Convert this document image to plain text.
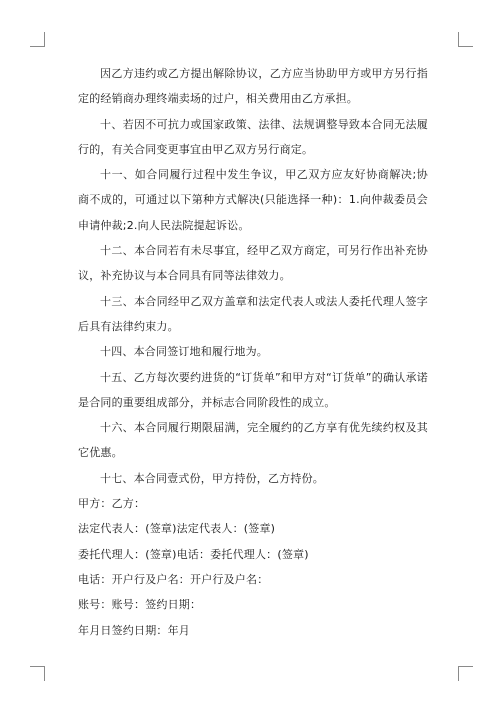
因乙方违约或乙方提出解除协议，乙方应当协助甲方或甲方另行指定的经销商办理终端卖场的过户，相关费用由乙方承担。

十、若因不可抗力或国家政策、法律、法规调整导致本合同无法履行的，有关合同变更事宜由甲乙双方另行商定。

十一、如合同履行过程中发生争议，甲乙双方应友好协商解决;协商不成的，可通过以下第种方式解决(只能选择一种)：1.向仲裁委员会申请仲裁;2.向人民法院提起诉讼。

十二、本合同若有未尽事宜，经甲乙双方商定，可另行作出补充协议，补充协议与本合同具有同等法律效力。

十三、本合同经甲乙双方盖章和法定代表人或法人委托代理人签字后具有法律约束力。

十四、本合同签订地和履行地为。

十五、乙方每次要约进货的“订货单”和甲方对“订货单”的确认承诺是合同的重要组成部分，并标志合同阶段性的成立。

十六、本合同履行期限届满，完全履约的乙方享有优先续约权及其它优惠。

十七、本合同壹式份，甲方持份，乙方持份。

甲方：乙方：

法定代表人：(签章)法定代表人：(签章)

委托代理人：(签章)电话：委托代理人：(签章)

电话：开户行及户名：开户行及户名：

账号：账号：签约日期：

年月日签约日期：年月
